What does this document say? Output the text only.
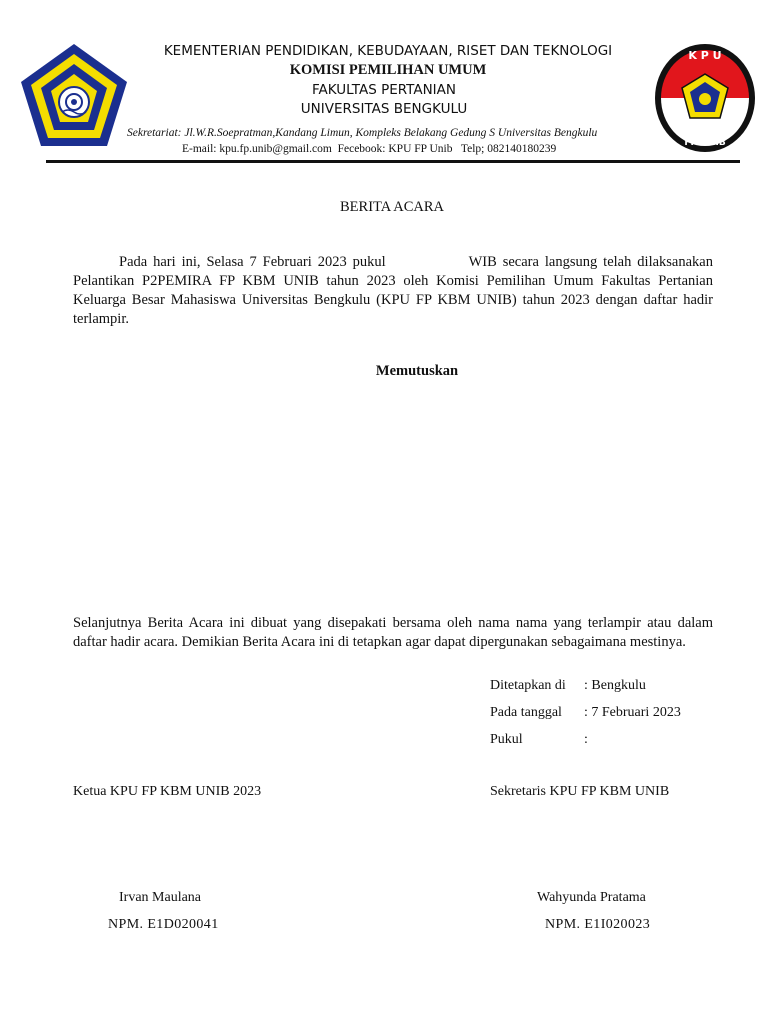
K P U
FP-UNIB
KEMENTERIAN PENDIDIKAN, KEBUDAYAAN, RISET DAN TEKNOLOGI
KOMISI PEMILIHAN UMUM
FAKULTAS PERTANIAN
UNIVERSITAS BENGKULU
Sekretariat: Jl.W.R.Soepratman,Kandang Limun, Kompleks Belakang Gedung S Universitas Bengkulu
E-mail: kpu.fp.unib@gmail.com  Fecebook: KPU FP Unib   Telp; 082140180239
BERITA ACARA
Pada hari ini, Selasa 7 Februari 2023 pukul              WIB secara langsung telah dilaksanakan Pelantikan P2PEMIRA FP KBM UNIB tahun 2023 oleh Komisi Pemilihan Umum Fakultas Pertanian Keluarga Besar Mahasiswa Universitas Bengkulu (KPU FP KBM UNIB) tahun 2023 dengan daftar hadir terlampir.
Memutuskan
Selanjutnya Berita Acara ini dibuat yang disepakati bersama oleh nama nama yang terlampir atau dalam daftar hadir acara. Demikian Berita Acara ini di tetapkan agar dapat dipergunakan sebagaimana mestinya.
Ditetapkan di : Bengkulu
Pada tanggal : 7 Februari 2023
Pukul	:
Ketua KPU FP KBM UNIB 2023	Sekretaris KPU FP KBM UNIB
Irvan Maulana
NPM. E1D020041
Wahyunda Pratama
NPM. E1I020023
